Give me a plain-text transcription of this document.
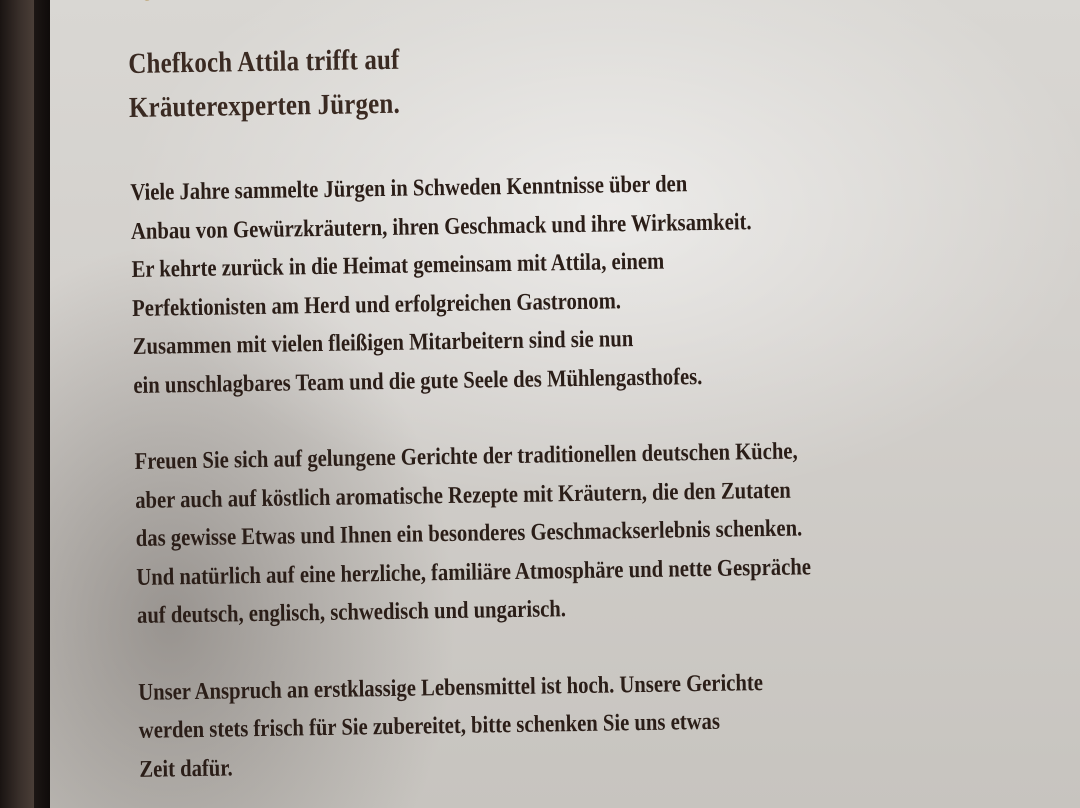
Chefkoch Attila trifft auf
Kräuterexperten Jürgen.
Viele Jahre sammelte Jürgen in Schweden Kenntnisse über den
Anbau von Gewürzkräutern, ihren Geschmack und ihre Wirksamkeit.
Er kehrte zurück in die Heimat gemeinsam mit Attila, einem
Perfektionisten am Herd und erfolgreichen Gastronom.
Zusammen mit vielen fleißigen Mitarbeitern sind sie nun
ein unschlagbares Team und die gute Seele des Mühlengasthofes.
Freuen Sie sich auf gelungene Gerichte der traditionellen deutschen Küche,
aber auch auf köstlich aromatische Rezepte mit Kräutern, die den Zutaten
das gewisse Etwas und Ihnen ein besonderes Geschmackserlebnis schenken.
Und natürlich auf eine herzliche, familiäre Atmosphäre und nette Gespräche
auf deutsch, englisch, schwedisch und ungarisch.
Unser Anspruch an erstklassige Lebensmittel ist hoch. Unsere Gerichte
werden stets frisch für Sie zubereitet, bitte schenken Sie uns etwas
Zeit dafür.
